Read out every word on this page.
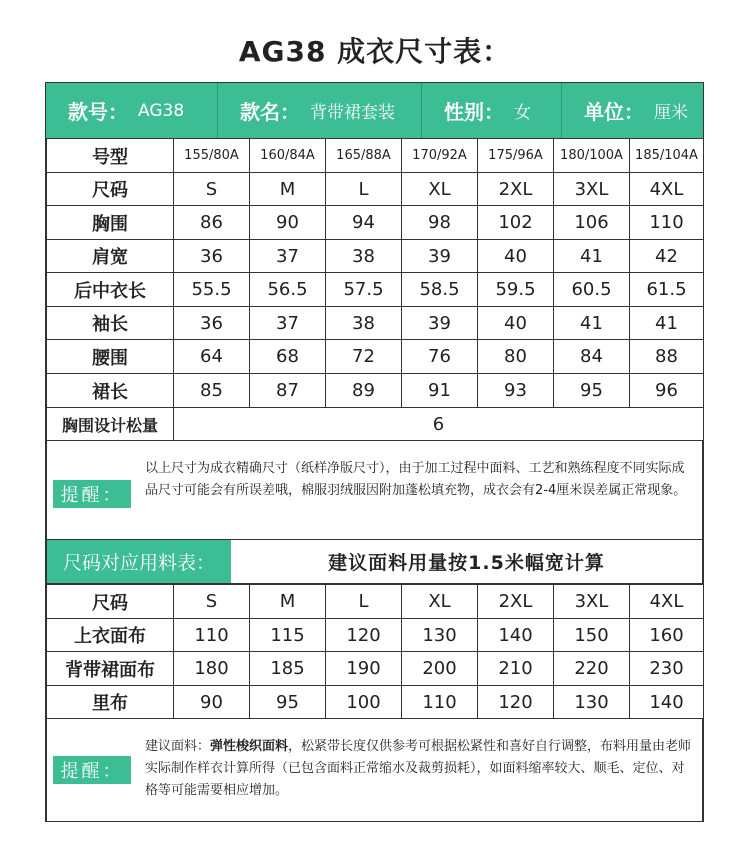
AG38 成衣尺寸表：
款号： AG38	款名： 背带裙套装 性别： 女	单位： 厘米
号型	155/80A	160/84A	165/88A	170/92A	175/96A	180/100A	185/104A
尺码	S	M	L	XL	2XL	3XL	4XL
胸围	86	90	94	98	102	106	110
肩宽	36	37	38	39	40	41	42
后中衣长	55.5	56.5	57.5	58.5	59.5	60.5	61.5
袖长	36	37	38	39	40	41	41
腰围	64	68	72	76	80	84	88
裙长	85	87	89	91	93	95	96
胸围设计松量	6						
提醒：
以上尺寸为成衣精确尺寸（纸样净版尺寸），由于加工过程中面料、工艺和熟练程度不同实际成品尺寸可能会有所误差哦，棉服羽绒服因附加蓬松填充物，成衣会有2-4厘米误差属正常现象。
尺码对应用料表：	建议面料用量按1.5米幅宽计算
尺码	S	M	L	XL	2XL	3XL	4XL
上衣面布	110	115	120	130	140	150	160
背带裙面布	180	185	190	200	210	220	230
里布	90	95	100	110	120	130	140
提醒：
建议面料：弹性梭织面料，松紧带长度仅供参考可根据松紧性和喜好自行调整，布料用量由老师实际制作样衣计算所得（已包含面料正常缩水及裁剪损耗），如面料缩率较大、顺毛、定位、对格等可能需要相应增加。
